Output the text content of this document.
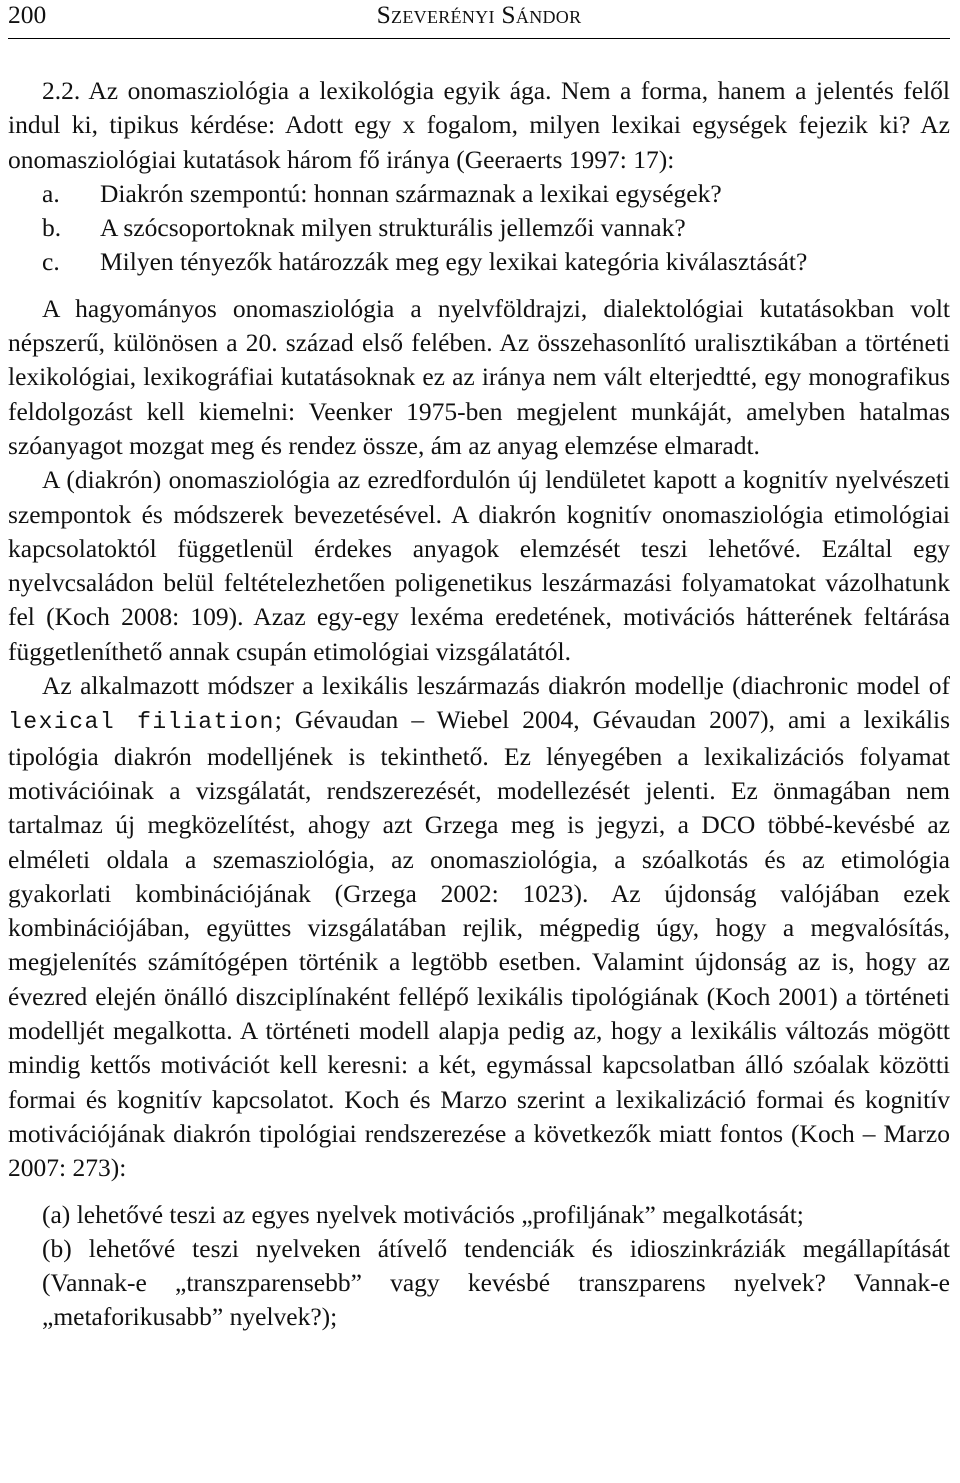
200	Szeverényi Sándor

2.2. Az onomasziológia a lexikológia egyik ága. Nem a forma, hanem a jelentés felől indul ki, tipikus kérdése: Adott egy x fogalom, milyen lexikai egységek fejezik ki? Az onomasziológiai kutatások három fő iránya (Geeraerts 1997: 17):

a.	Diakrón szempontú: honnan származnak a lexikai egységek?
b.	A szócsoportoknak milyen strukturális jellemzői vannak?
c.	Milyen tényezők határozzák meg egy lexikai kategória kiválasztását?

A hagyományos onomasziológia a nyelvföldrajzi, dialektológiai kutatásokban volt népszerű, különösen a 20. század első felében. Az összehasonlító uralisztikában a történeti lexikológiai, lexikográfiai kutatásoknak ez az iránya nem vált elterjedtté, egy monografikus feldolgozást kell kiemelni: Veenker 1975-ben megjelent munkáját, amelyben hatalmas szóanyagot mozgat meg és rendez össze, ám az anyag elemzése elmaradt.

A (diakrón) onomasziológia az ezredfordulón új lendületet kapott a kognitív nyelvészeti szempontok és módszerek bevezetésével. A diakrón kognitív onomasziológia etimológiai kapcsolatoktól függetlenül érdekes anyagok elemzését teszi lehetővé. Ezáltal egy nyelvcsaládon belül feltételezhetően poligenetikus leszármazási folyamatokat vázolhatunk fel (Koch 2008: 109). Azaz egy-egy lexéma eredetének, motivációs hátterének feltárása függetleníthető annak csupán etimológiai vizsgálatától.

Az alkalmazott módszer a lexikális leszármazás diakrón modellje (diachronic model of lexical filiation; Gévaudan – Wiebel 2004, Gévaudan 2007), ami a lexikális tipológia diakrón modelljének is tekinthető. Ez lényegében a lexikalizációs folyamat motivációinak a vizsgálatát, rendszerezését, modellezését jelenti. Ez önmagában nem tartalmaz új megközelítést, ahogy azt Grzega meg is jegyzi, a DCO többé-kevésbé az elméleti oldala a szemasziológia, az onomasziológia, a szóalkotás és az etimológia gyakorlati kombinációjának (Grzega 2002: 1023). Az újdonság valójában ezek kombinációjában, együttes vizsgálatában rejlik, mégpedig úgy, hogy a megvalósítás, megjelenítés számítógépen történik a legtöbb esetben. Valamint újdonság az is, hogy az évezred elején önálló diszciplínaként fellépő lexikális tipológiának (Koch 2001) a történeti modelljét megalkotta. A történeti modell alapja pedig az, hogy a lexikális változás mögött mindig kettős motivációt kell keresni: a két, egymással kapcsolatban álló szóalak közötti formai és kognitív kapcsolatot. Koch és Marzo szerint a lexikalizáció formai és kognitív motivációjának diakrón tipológiai rendszerezése a következők miatt fontos (Koch – Marzo 2007: 273):

(a) lehetővé teszi az egyes nyelvek motivációs „profiljának” megalkotását;

(b) lehetővé teszi nyelveken átívelő tendenciák és idioszinkráziák megállapítását (Vannak-e „transzparensebb” vagy kevésbé transzparens nyelvek? Vannak-e „metaforikusabb” nyelvek?);
